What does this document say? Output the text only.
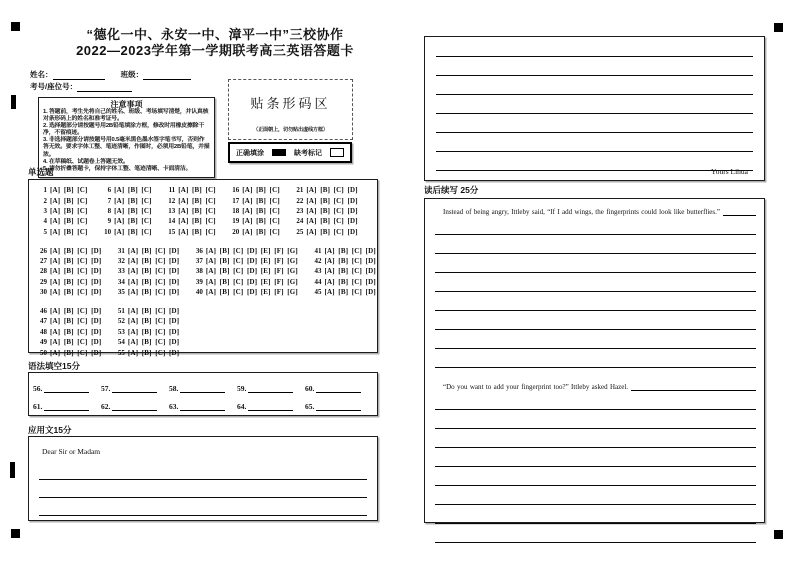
“德化一中、永安一中、漳平一中”三校协作
2022—2023学年第一学期联考高三英语答题卡
姓名：	班级：
考号/座位号：
注意事项
1. 答题前，考生先将自己的姓名、班级、考场填写清楚，并认真核对条形码上的姓名和准考证号。
2. 选择题部分请按题号用2B铅笔填涂方框，修改时用橡皮擦除干净，不留痕迹。
3. 非选择题部分请按题号用0.5毫米黑色墨水签字笔书写，否则作答无效。要求字体工整、笔迹清晰，作图时，必须用2B铅笔，并描浓。
4. 在草稿纸、试题卷上答题无效。
5. 请勿折叠答题卡，保持字体工整、笔迹清晰、卡面清洁。
贴条形码区
（正面朝上，切勿贴出虚线方框）
正确填涂	缺考标记
单选题
1 [A] [B] [C]	6 [A] [B] [C]	11 [A] [B] [C]	16 [A] [B] [C]	21 [A] [B] [C] [D]
2 [A] [B] [C]	7 [A] [B] [C]	12 [A] [B] [C]	17 [A] [B] [C]	22 [A] [B] [C] [D]
3 [A] [B] [C]	8 [A] [B] [C]	13 [A] [B] [C]	18 [A] [B] [C]	23 [A] [B] [C] [D]
4 [A] [B] [C]	9 [A] [B] [C]	14 [A] [B] [C]	19 [A] [B] [C]	24 [A] [B] [C] [D]
5 [A] [B] [C]	10 [A] [B] [C]	15 [A] [B] [C]	20 [A] [B] [C]	25 [A] [B] [C] [D]
26 [A] [B] [C] [D]	31 [A] [B] [C] [D]	36 [A] [B] [C] [D] [E] [F] [G]	41 [A] [B] [C] [D]
27 [A] [B] [C] [D]	32 [A] [B] [C] [D]	37 [A] [B] [C] [D] [E] [F] [G]	42 [A] [B] [C] [D]
28 [A] [B] [C] [D]	33 [A] [B] [C] [D]	38 [A] [B] [C] [D] [E] [F] [G]	43 [A] [B] [C] [D]
29 [A] [B] [C] [D]	34 [A] [B] [C] [D]	39 [A] [B] [C] [D] [E] [F] [G]	44 [A] [B] [C] [D]
30 [A] [B] [C] [D]	35 [A] [B] [C] [D]	40 [A] [B] [C] [D] [E] [F] [G]	45 [A] [B] [C] [D]
46 [A] [B] [C] [D]	51 [A] [B] [C] [D]
47 [A] [B] [C] [D]	52 [A] [B] [C] [D]
48 [A] [B] [C] [D]	53 [A] [B] [C] [D]
49 [A] [B] [C] [D]	54 [A] [B] [C] [D]
50 [A] [B] [C] [D]	55 [A] [B] [C] [D]
语法填空15分
56.	57.	58.	59.	60.
61.	62.	63.	64.	65.
应用文15分
Dear Sir or Madam
Yours Lihua
读后续写 25分
Instead of being angry, Ittleby said, “If I add wings, the fingerprints could look like butterflies.”
“Do you want to add your fingerprint too?” Ittleby asked Hazel.
